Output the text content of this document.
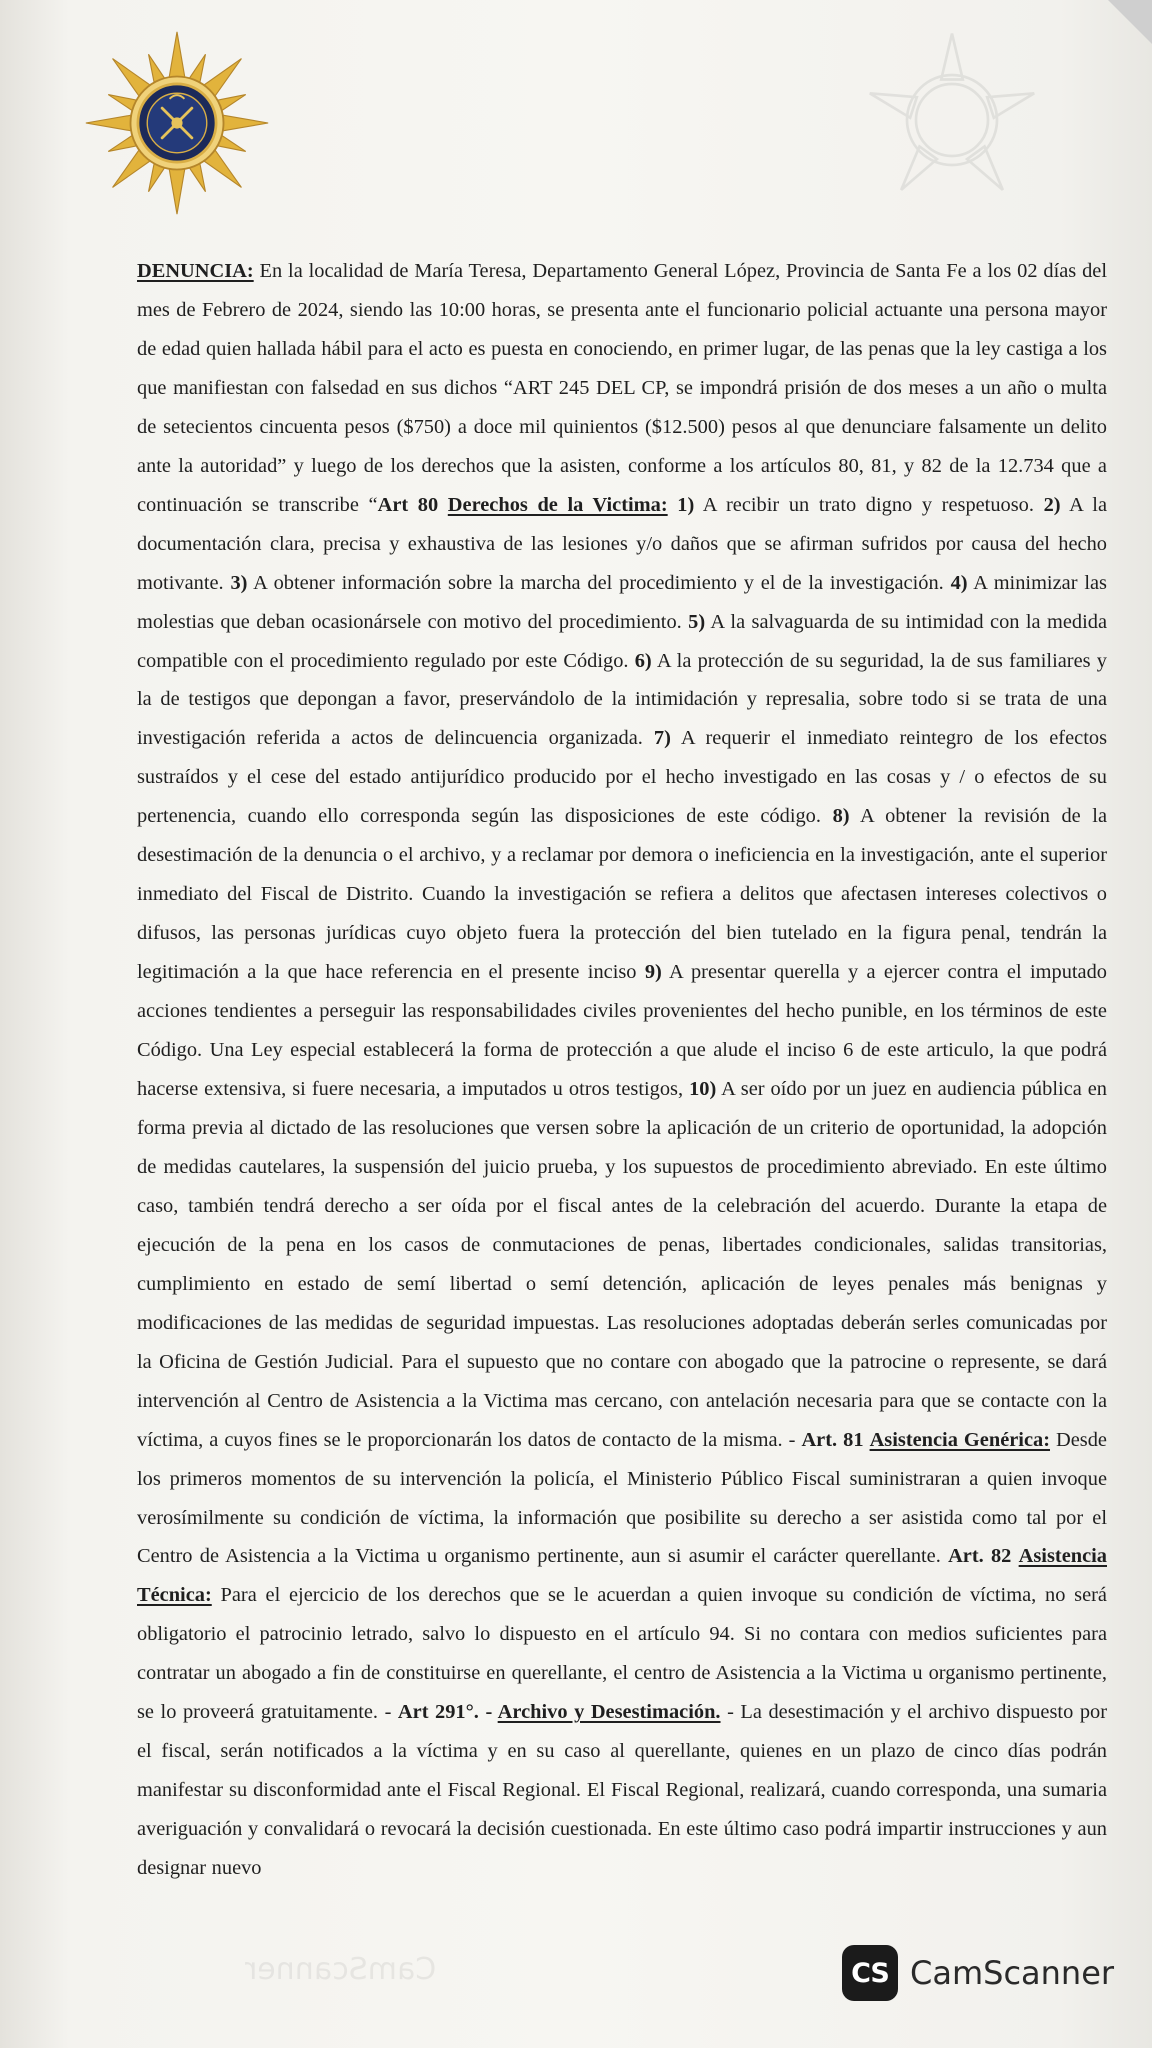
DENUNCIA: En la localidad de María Teresa, Departamento General López, Provincia de Santa Fe a los 02 días del mes de Febrero de 2024, siendo las 10:00 horas, se presenta ante el funcionario policial actuante una persona mayor de edad quien hallada hábil para el acto es puesta en conociendo, en primer lugar, de las penas que la ley castiga a los que manifiestan con falsedad en sus dichos “ART 245 DEL CP, se impondrá prisión de dos meses a un año o multa de setecientos cincuenta pesos ($750) a doce mil quinientos ($12.500) pesos al que denunciare falsamente un delito ante la autoridad” y luego de los derechos que la asisten, conforme a los artículos 80, 81, y 82 de la 12.734 que a continuación se transcribe “Art 80 Derechos de la Victima: 1) A recibir un trato digno y respetuoso. 2) A la documentación clara, precisa y exhaustiva de las lesiones y/o daños que se afirman sufridos por causa del hecho motivante. 3) A obtener información sobre la marcha del procedimiento y el de la investigación. 4) A minimizar las molestias que deban ocasionársele con motivo del procedimiento. 5) A la salvaguarda de su intimidad con la medida compatible con el procedimiento regulado por este Código. 6) A la protección de su seguridad, la de sus familiares y la de testigos que depongan a favor, preservándolo de la intimidación y represalia, sobre todo si se trata de una investigación referida a actos de delincuencia organizada. 7) A requerir el inmediato reintegro de los efectos sustraídos y el cese del estado antijurídico producido por el hecho investigado en las cosas y / o efectos de su pertenencia, cuando ello corresponda según las disposiciones de este código. 8) A obtener la revisión de la desestimación de la denuncia o el archivo, y a reclamar por demora o ineficiencia en la investigación, ante el superior inmediato del Fiscal de Distrito. Cuando la investigación se refiera a delitos que afectasen intereses colectivos o difusos, las personas jurídicas cuyo objeto fuera la protección del bien tutelado en la figura penal, tendrán la legitimación a la que hace referencia en el presente inciso 9) A presentar querella y a ejercer contra el imputado acciones tendientes a perseguir las responsabilidades civiles provenientes del hecho punible, en los términos de este Código. Una Ley especial establecerá la forma de protección a que alude el inciso 6 de este articulo, la que podrá hacerse extensiva, si fuere necesaria, a imputados u otros testigos, 10) A ser oído por un juez en audiencia pública en forma previa al dictado de las resoluciones que versen sobre la aplicación de un criterio de oportunidad, la adopción de medidas cautelares, la suspensión del juicio prueba, y los supuestos de procedimiento abreviado. En este último caso, también tendrá derecho a ser oída por el fiscal antes de la celebración del acuerdo. Durante la etapa de ejecución de la pena en los casos de conmutaciones de penas, libertades condicionales, salidas transitorias, cumplimiento en estado de semí libertad o semí detención, aplicación de leyes penales más benignas y modificaciones de las medidas de seguridad impuestas. Las resoluciones adoptadas deberán serles comunicadas por la Oficina de Gestión Judicial. Para el supuesto que no contare con abogado que la patrocine o represente, se dará intervención al Centro de Asistencia a la Victima mas cercano, con antelación necesaria para que se contacte con la víctima, a cuyos fines se le proporcionarán los datos de contacto de la misma. - Art. 81 Asistencia Genérica: Desde los primeros momentos de su intervención la policía, el Ministerio Público Fiscal suministraran a quien invoque verosímilmente su condición de víctima, la información que posibilite su derecho a ser asistida como tal por el Centro de Asistencia a la Victima u organismo pertinente, aun si asumir el carácter querellante. Art. 82 Asistencia Técnica: Para el ejercicio de los derechos que se le acuerdan a quien invoque su condición de víctima, no será obligatorio el patrocinio letrado, salvo lo dispuesto en el artículo 94. Si no contara con medios suficientes para contratar un abogado a fin de constituirse en querellante, el centro de Asistencia a la Victima u organismo pertinente, se lo proveerá gratuitamente. - Art 291°. - Archivo y Desestimación. - La desestimación y el archivo dispuesto por el fiscal, serán notificados a la víctima y en su caso al querellante, quienes en un plazo de cinco días podrán manifestar su disconformidad ante el Fiscal Regional. El Fiscal Regional, realizará, cuando corresponda, una sumaria averiguación y convalidará o revocará la decisión cuestionada. En este último caso podrá impartir instrucciones y aun designar nuevo
CamScanner	CS CamScanner
